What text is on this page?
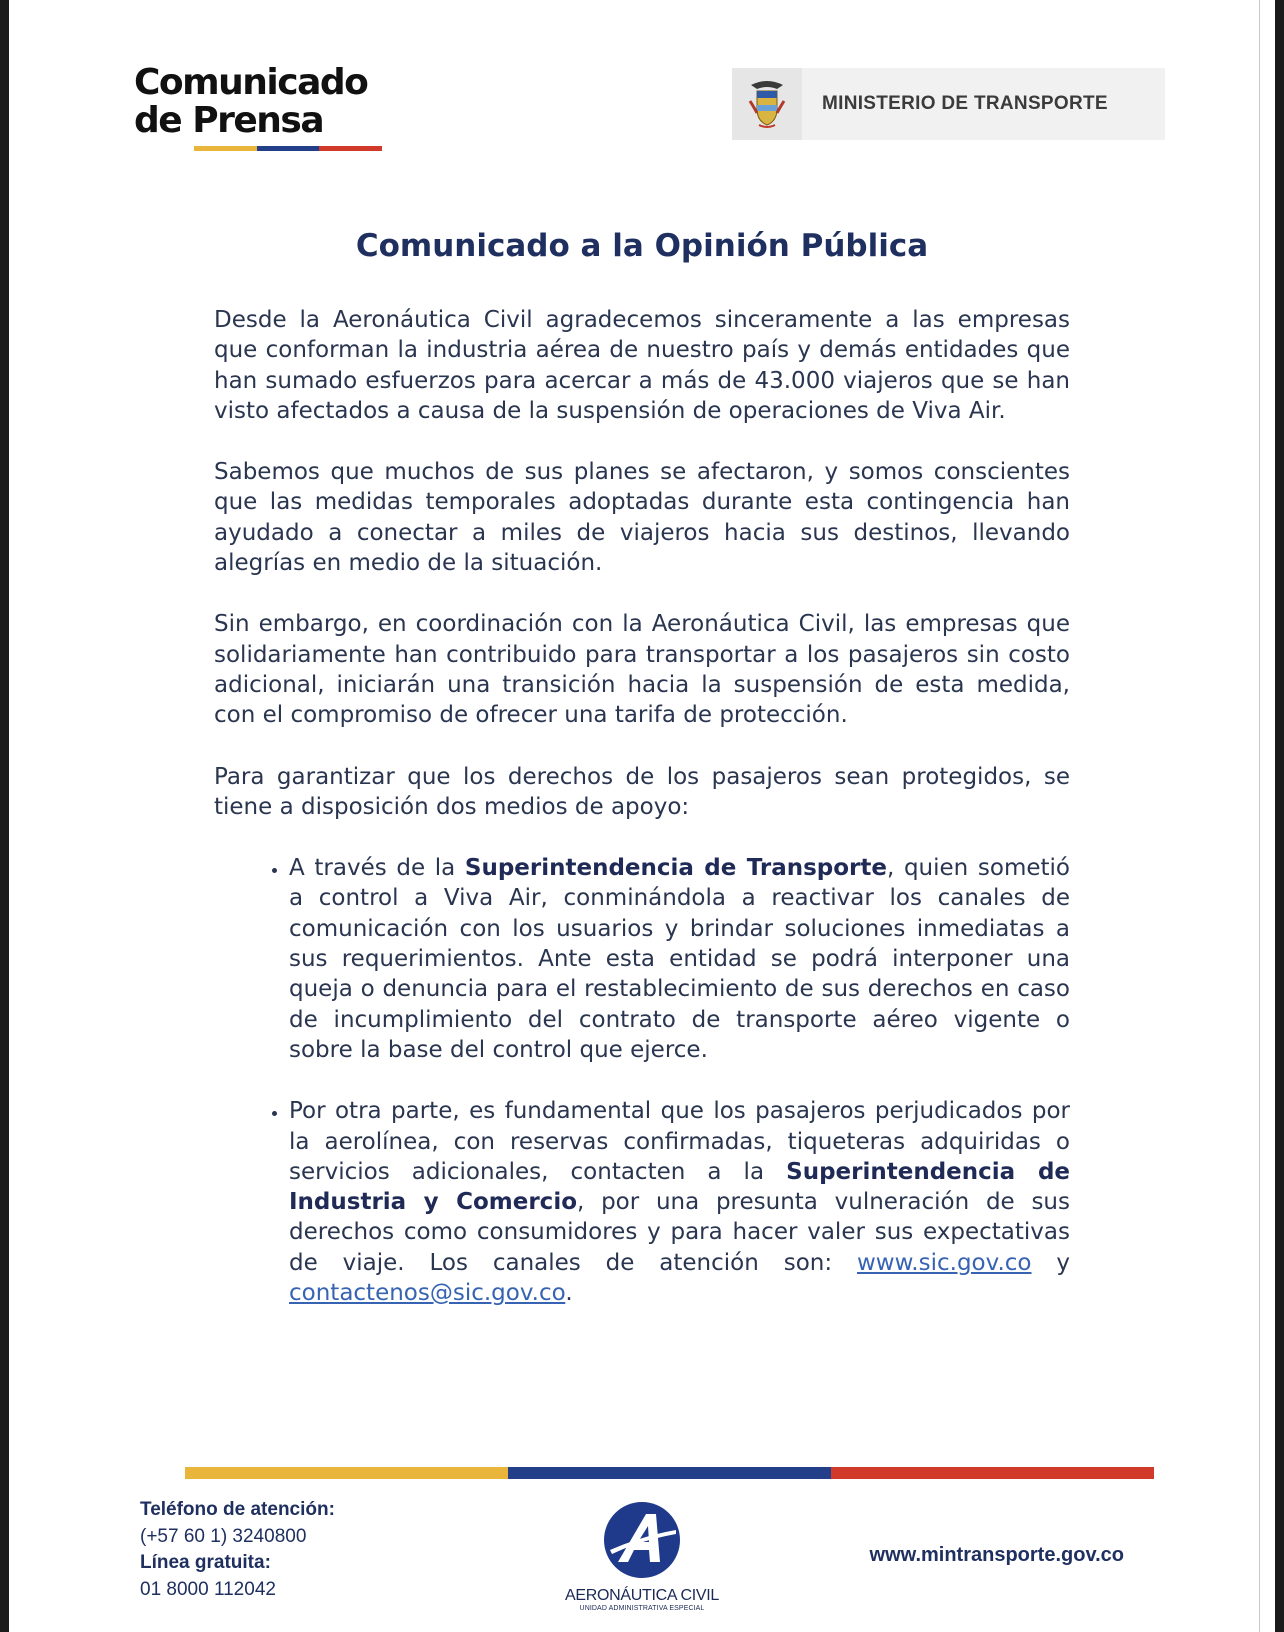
Comunicado
de Prensa	MINISTERIO DE TRANSPORTE
Comunicado a la Opinión Pública

Desde la Aeronáutica Civil agradecemos sinceramente a las empresas que conforman la industria aérea de nuestro país y demás entidades que han sumado esfuerzos para acercar a más de 43.000 viajeros que se han visto afectados a causa de la suspensión de operaciones de Viva Air.

Sabemos que muchos de sus planes se afectaron, y somos conscientes que las medidas temporales adoptadas durante esta contingencia han ayudado a conectar a miles de viajeros hacia sus destinos, llevando alegrías en medio de la situación.

Sin embargo, en coordinación con la Aeronáutica Civil, las empresas que solidariamente han contribuido para transportar a los pasajeros sin costo adicional, iniciarán una transición hacia la suspensión de esta medida, con el compromiso de ofrecer una tarifa de protección.

Para garantizar que los derechos de los pasajeros sean protegidos, se tiene a disposición dos medios de apoyo:

• A través de la Superintendencia de Transporte, quien sometió a control a Viva Air, conminándola a reactivar los canales de comunicación con los usuarios y brindar soluciones inmediatas a sus requerimientos. Ante esta entidad se podrá interponer una queja o denuncia para el restablecimiento de sus derechos en caso de incumplimiento del contrato de transporte aéreo vigente o sobre la base del control que ejerce.
• Por otra parte, es fundamental que los pasajeros perjudicados por la aerolínea, con reservas confirmadas, tiqueteras adquiridas o servicios adicionales, contacten a la Superintendencia de Industria y Comercio, por una presunta vulneración de sus derechos como consumidores y para hacer valer sus expectativas de viaje. Los canales de atención son: www.sic.gov.co y contactenos@sic.gov.co.
Teléfono de atención:
(+57 60 1) 3240800
Línea gratuita:
01 8000 112042	AERONÁUTICA CIVIL
UNIDAD ADMINISTRATIVA ESPECIAL
www.mintransporte.gov.co
